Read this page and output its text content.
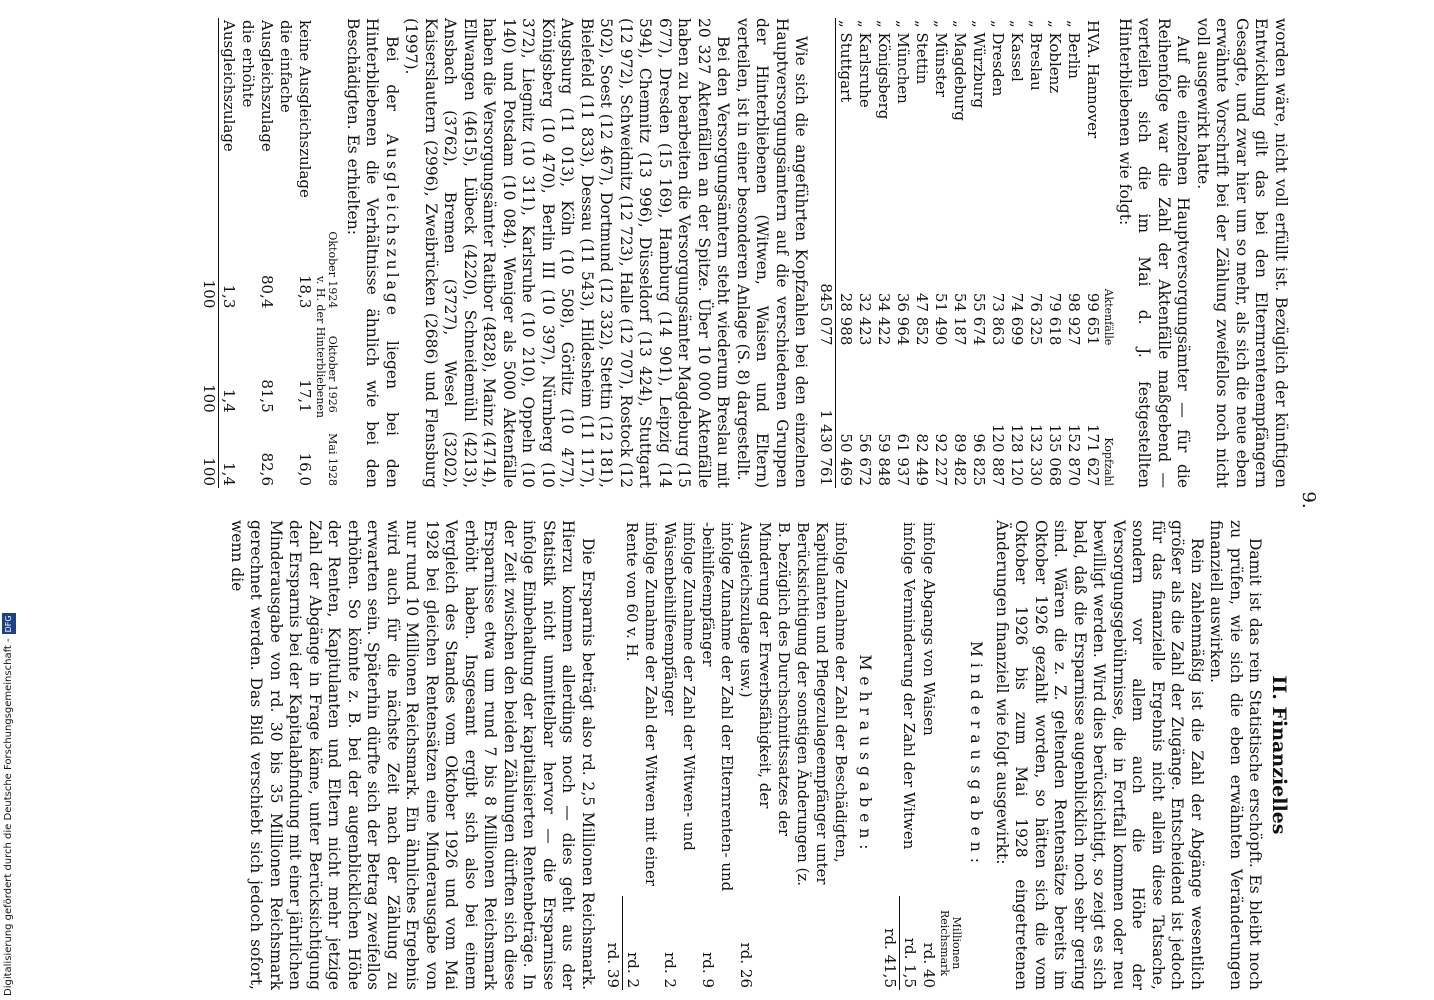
9.

worden wäre, nicht voll erfüllt ist. Bezüglich der künftigen Entwicklung gilt das bei den Elternrentenempfängern Gesagte, und zwar hier um so mehr, als sich die neue eben erwähnte Vorschrift bei der Zählung zweifellos noch nicht voll ausgewirkt hatte.

Auf die einzelnen Hauptversorgungsämter — für die Reihenfolge war die Zahl der Aktenfälle maßgebend — verteilen sich die im Mai d. J. festgestellten Hinterbliebenen wie folgt:

	Aktenfälle	Kopfzahl
HVA. Hannover	99 651	171 627
„ Berlin	98 927	152 870
„ Koblenz	79 618	135 068
„ Breslau	76 325	132 330
„ Kassel	74 699	128 120
„ Dresden	73 863	120 887
„ Würzburg	55 674	96 825
„ Magdeburg	54 187	89 482
„ Münster	51 490	92 227
„ Stettin	47 852	82 449
„ München	36 964	61 937
„ Königsberg	34 422	59 848
„ Karlsruhe	32 423	56 672
„ Stuttgart	28 988	50 469
	845 077	1 430 761

Wie sich die angeführten Kopfzahlen bei den einzelnen Hauptversorgungsämtern auf die verschiedenen Gruppen der Hinterbliebenen (Witwen, Waisen und Eltern) verteilen, ist in einer besonderen Anlage (S. 8) dargestellt.

Bei den Versorgungsämtern steht wiederum Breslau mit 20 327 Aktenfällen an der Spitze. Über 10 000 Aktenfälle haben zu bearbeiten die Versorgungsämter Magdeburg (15 677), Dresden (15 169), Hamburg (14 901), Leipzig (14 594), Chemnitz (13 996), Düsseldorf (13 424), Stuttgart (12 972), Schweidnitz (12 723), Halle (12 707), Rostock (12 502), Soest (12 467), Dortmund (12 332), Stettin (12 181), Bielefeld (11 833), Dessau (11 543), Hildesheim (11 117), Augsburg (11 013), Köln (10 508), Görlitz (10 477), Königsberg (10 470), Berlin III (10 397), Nürnberg (10 372), Liegnitz (10 311), Karlsruhe (10 210), Oppeln (10 140) und Potsdam (10 084). Weniger als 5000 Aktenfälle haben die Versorgungsämter Ratibor (4828), Mainz (4714), Ellwangen (4615), Lübeck (4220), Schneidemühl (4213), Ansbach (3762), Bremen (3727), Wesel (3202), Kaiserslautern (2996), Zweibrücken (2686) und Flensburg (1997).

Bei der Ausgleichszulage liegen bei den Hinterbliebenen die Verhältnisse ähnlich wie bei den Beschädigten. Es erhielten:

	Oktober 1924	Oktober 1926	Mai 1928
	v. H. der Hinterbliebenen		
keine Ausgleichszulage	18,3	17,1	16,0
die einfache Ausgleichszulage	80,4	81,5	82,6
die erhöhte Ausgleichszulage	1,3	1,4	1,4
	100	100	100
II. Finanzielles

Damit ist das rein Statistische erschöpft. Es bleibt noch zu prüfen, wie sich die eben erwähnten Veränderungen finanziell auswirken.

Rein zahlenmäßig ist die Zahl der Abgänge wesentlich größer als die Zahl der Zugänge. Entscheidend ist jedoch für das finanzielle Ergebnis nicht allein diese Tatsache, sondern vor allem auch die Höhe der Versorgungsgebührnisse, die in Fortfall kommen oder neu bewilligt werden. Wird dies berücksichtigt, so zeigt es sich bald, daß die Ersparnisse augenblicklich noch sehr gering sind. Wären die z. Z. geltenden Rentensätze bereits im Oktober 1926 gezahlt worden, so hätten sich die vom Oktober 1926 bis zum Mai 1928 eingetretenen Änderungen finanziell wie folgt ausgewirkt:

Minderausgaben:
	Millionen Reichsmark
infolge Abgangs von Waisen	rd. 40
infolge Verminderung der Zahl der Witwen	rd. 1,5
	rd. 41,5
Mehrausgaben:
infolge Zunahme der Zahl der Beschädigten, Kapitulanten und Pflegezulageempfänger unter Berücksichtigung der sonstigen Änderungen (z. B. bezüglich des Durchschnittssatzes der Minderung der Erwerbsfähigkeit, der Ausgleichszulage usw.)	rd. 26
infolge Zunahme der Zahl der Elternrenten- und -beihilfeempfänger	rd. 9
infolge Zunahme der Zahl der Witwen- und Waisenbeihilfeempfänger	rd. 2
infolge Zunahme der Zahl der Witwen mit einer Rente von 60 v. H.	rd. 2
	rd. 39

Die Ersparnis beträgt also rd. 2,5 Millionen Reichsmark. Hierzu kommen allerdings noch — dies geht aus der Statistik nicht unmittelbar hervor — die Ersparnisse infolge Einbehaltung der kapitalisierten Rentenbeträge. In der Zeit zwischen den beiden Zählungen dürften sich diese Ersparnisse etwa um rund 7 bis 8 Millionen Reichsmark erhöht haben. Insgesamt ergibt sich also bei einem Vergleich des Standes vom Oktober 1926 und vom Mai 1928 bei gleichen Rentensätzen eine Minderausgabe von nur rund 10 Millionen Reichsmark. Ein ähnliches Ergebnis wird auch für die nächste Zeit nach der Zählung zu erwarten sein. Späterhin dürfte sich der Betrag zweifellos erhöhen. So könnte z. B. bei der augenblicklichen Höhe der Renten, Kapitulanten und Eltern nicht mehr jetzige Zahl der Abgänge in Frage käme, unter Berücksichtigung der Ersparnis bei der Kapitalabfindung mit einer jährlichen Minderausgabe von rd. 30 bis 35 Millionen Reichsmark gerechnet werden. Das Bild verschiebt sich jedoch sofort, wenn die

Digitalisierung gefördert durch die Deutsche Forschungsgemeinschaft -DFG
